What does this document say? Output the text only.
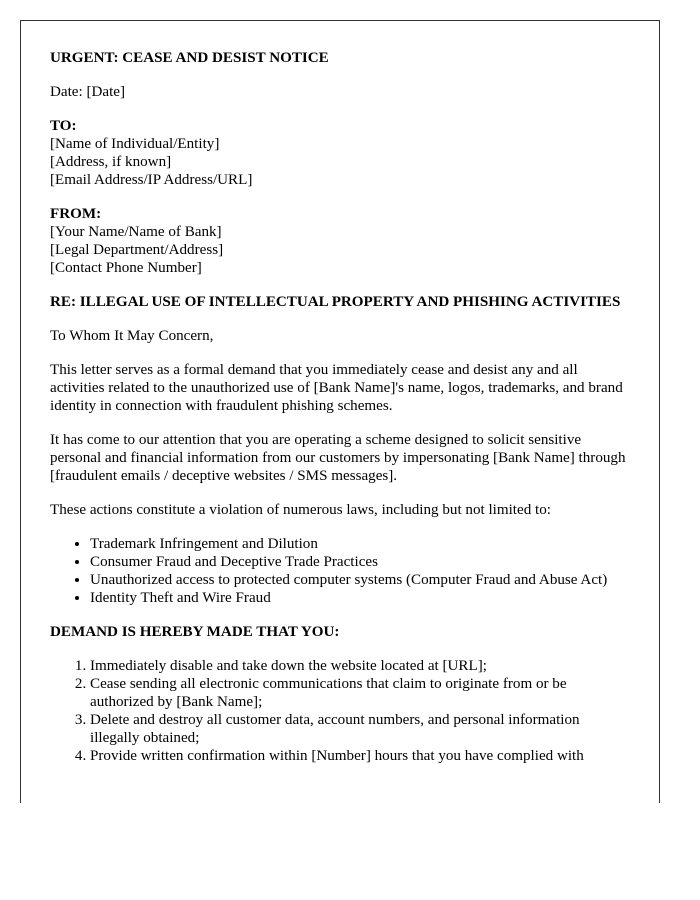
URGENT: CEASE AND DESIST NOTICE

Date: [Date]

TO:
[Name of Individual/Entity]
[Address, if known]
[Email Address/IP Address/URL]

FROM:
[Your Name/Name of Bank]
[Legal Department/Address]
[Contact Phone Number]

RE: ILLEGAL USE OF INTELLECTUAL PROPERTY AND PHISHING ACTIVITIES

To Whom It May Concern,

This letter serves as a formal demand that you immediately cease and desist any and all activities related to the unauthorized use of [Bank Name]'s name, logos, trademarks, and brand identity in connection with fraudulent phishing schemes.

It has come to our attention that you are operating a scheme designed to solicit sensitive personal and financial information from our customers by impersonating [Bank Name] through [fraudulent emails / deceptive websites / SMS messages].

These actions constitute a violation of numerous laws, including but not limited to:

• Trademark Infringement and Dilution
• Consumer Fraud and Deceptive Trade Practices
• Unauthorized access to protected computer systems (Computer Fraud and Abuse Act)
• Identity Theft and Wire Fraud

DEMAND IS HEREBY MADE THAT YOU:

1. Immediately disable and take down the website located at [URL];
2. Cease sending all electronic communications that claim to originate from or be authorized by [Bank Name];
3. Delete and destroy all customer data, account numbers, and personal information illegally obtained;
4. Provide written confirmation within [Number] hours that you have complied with
